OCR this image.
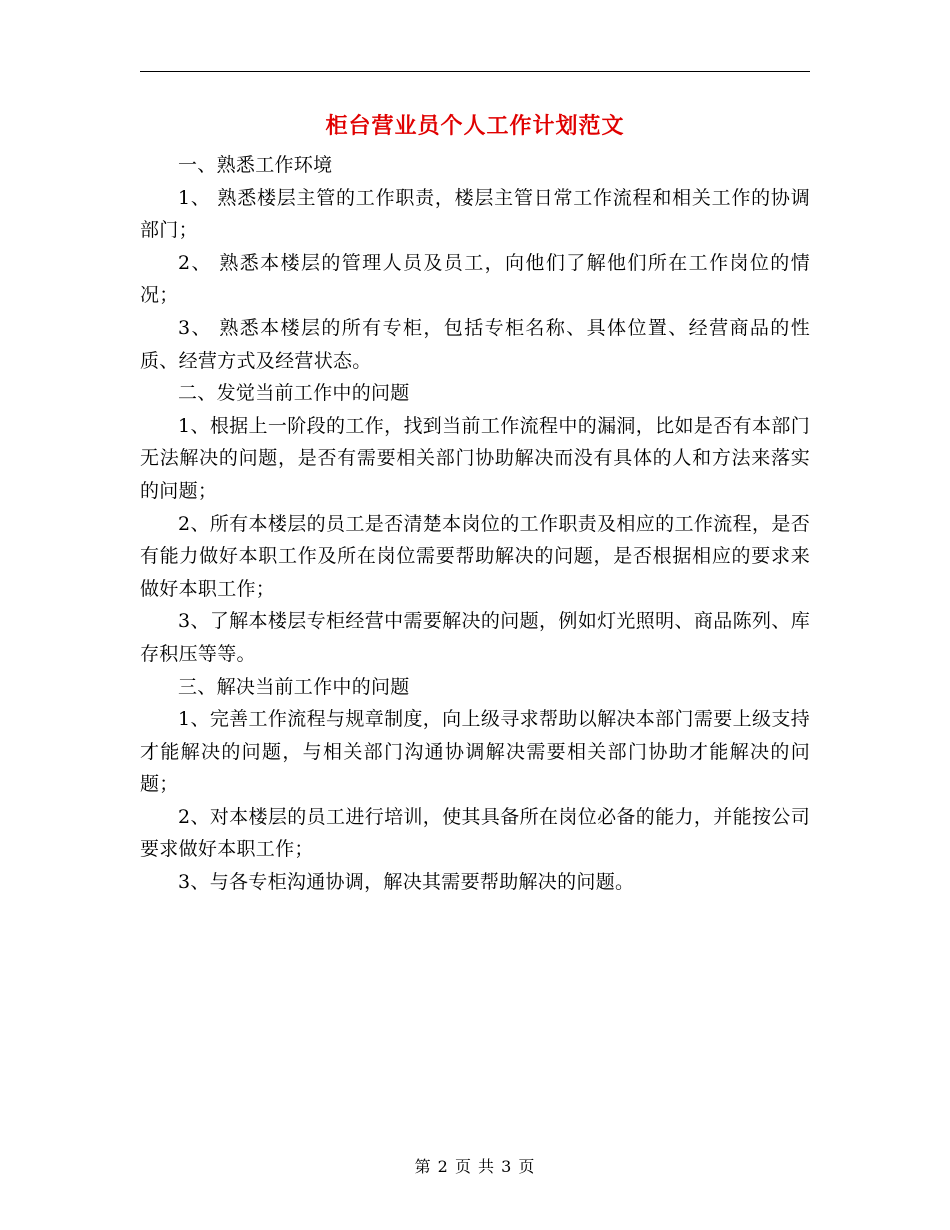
柜台营业员个人工作计划范文

一、熟悉工作环境

1、 熟悉楼层主管的工作职责，楼层主管日常工作流程和相关工作的协调部门；

2、 熟悉本楼层的管理人员及员工，向他们了解他们所在工作岗位的情况；

3、 熟悉本楼层的所有专柜，包括专柜名称、具体位置、经营商品的性质、经营方式及经营状态。

二、发觉当前工作中的问题

1、根据上一阶段的工作，找到当前工作流程中的漏洞，比如是否有本部门无法解决的问题，是否有需要相关部门协助解决而没有具体的人和方法来落实的问题；

2、所有本楼层的员工是否清楚本岗位的工作职责及相应的工作流程，是否有能力做好本职工作及所在岗位需要帮助解决的问题，是否根据相应的要求来做好本职工作；

3、了解本楼层专柜经营中需要解决的问题，例如灯光照明、商品陈列、库存积压等等。

三、解决当前工作中的问题

1、完善工作流程与规章制度，向上级寻求帮助以解决本部门需要上级支持才能解决的问题，与相关部门沟通协调解决需要相关部门协助才能解决的问题；

2、对本楼层的员工进行培训，使其具备所在岗位必备的能力，并能按公司要求做好本职工作；

3、与各专柜沟通协调，解决其需要帮助解决的问题。

第 2 页 共 3 页
